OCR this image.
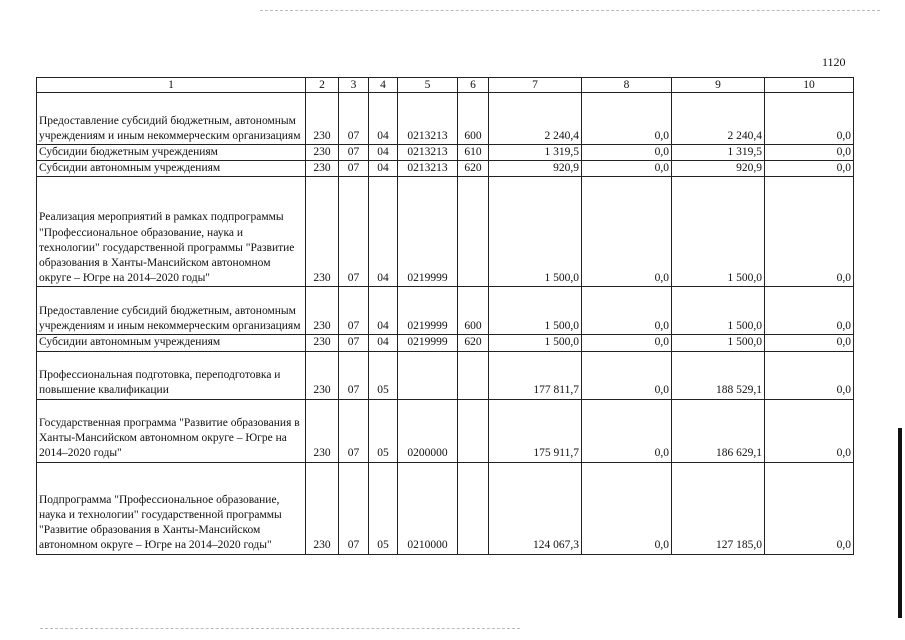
1120
1	2	3	4	5	6	7	8	9	10
Предоставление субсидий бюджетным, автономным учреждениям и иным некоммерческим организациям	230	07	04	0213213	600	2 240,4	0,0	2 240,4	0,0
Субсидии бюджетным учреждениям	230	07	04	0213213	610	1 319,5	0,0	1 319,5	0,0
Субсидии автономным учреждениям	230	07	04	0213213	620	920,9	0,0	920,9	0,0
Реализация мероприятий в рамках подпрограммы "Профессиональное образование, наука и технологии" государственной программы "Развитие образования в Ханты-Мансийском автономном округе – Югре на 2014–2020 годы"	230	07	04	0219999		1 500,0	0,0	1 500,0	0,0
Предоставление субсидий бюджетным, автономным учреждениям и иным некоммерческим организациям	230	07	04	0219999	600	1 500,0	0,0	1 500,0	0,0
Субсидии автономным учреждениям	230	07	04	0219999	620	1 500,0	0,0	1 500,0	0,0
Профессиональная подготовка, переподготовка и повышение квалификации	230	07	05			177 811,7	0,0	188 529,1	0,0
Государственная программа "Развитие образования в Ханты-Мансийском автономном округе – Югре на 2014–2020 годы"	230	07	05	0200000		175 911,7	0,0	186 629,1	0,0
Подпрограмма "Профессиональное образование, наука и технологии" государственной программы "Развитие образования в Ханты-Мансийском автономном округе – Югре на 2014–2020 годы"	230	07	05	0210000		124 067,3	0,0	127 185,0	0,0
